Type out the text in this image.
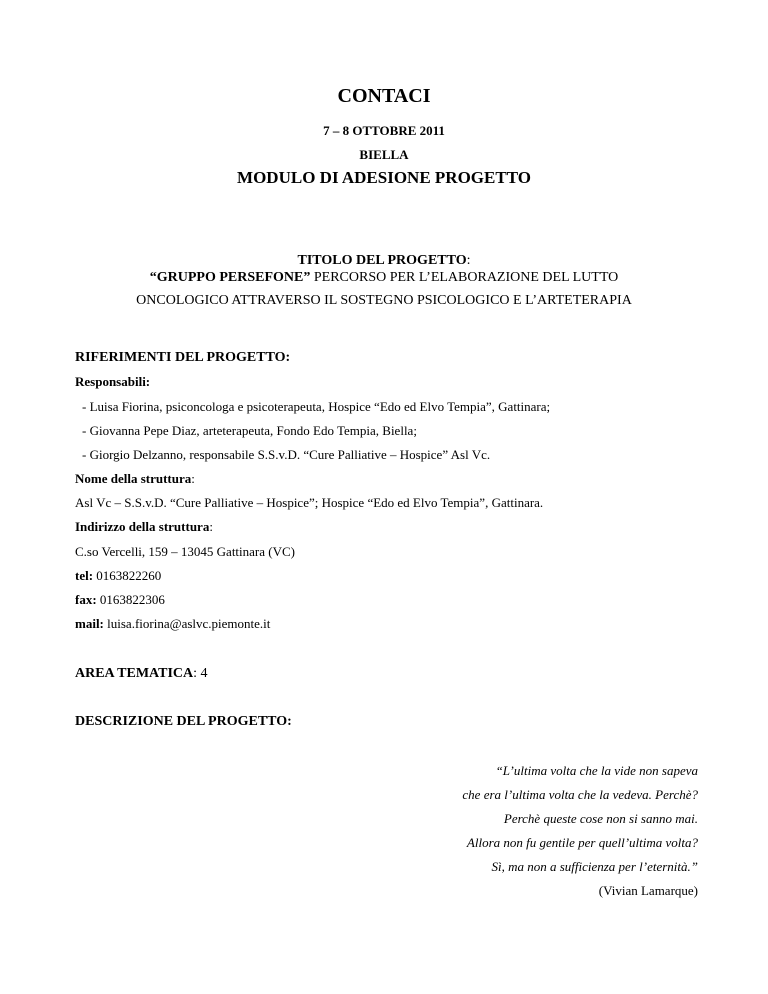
CONTACI
7 – 8 OTTOBRE 2011
BIELLA
MODULO DI ADESIONE PROGETTO
TITOLO DEL PROGETTO:
“GRUPPO PERSEFONE” PERCORSO PER L’ELABORAZIONE DEL LUTTO
ONCOLOGICO ATTRAVERSO IL SOSTEGNO PSICOLOGICO E L’ARTETERAPIA
RIFERIMENTI DEL PROGETTO:
Responsabili:
- Luisa Fiorina, psiconcologa e psicoterapeuta, Hospice “Edo ed Elvo Tempia”, Gattinara;
- Giovanna Pepe Diaz, arteterapeuta, Fondo Edo Tempia, Biella;
- Giorgio Delzanno, responsabile S.S.v.D. “Cure Palliative – Hospice” Asl Vc.
Nome della struttura:
Asl Vc – S.S.v.D. “Cure Palliative – Hospice”; Hospice “Edo ed Elvo Tempia”, Gattinara.
Indirizzo della struttura:
C.so Vercelli, 159 – 13045 Gattinara (VC)
tel: 0163822260
fax: 0163822306
mail: luisa.fiorina@aslvc.piemonte.it
AREA TEMATICA: 4
DESCRIZIONE DEL PROGETTO:
“L’ultima volta che la vide non sapeva
che era l’ultima volta che la vedeva. Perchè?
Perchè queste cose non si sanno mai.
Allora non fu gentile per quell’ultima volta?
Sì, ma non a sufficienza per l’eternità.”
(Vivian Lamarque)
